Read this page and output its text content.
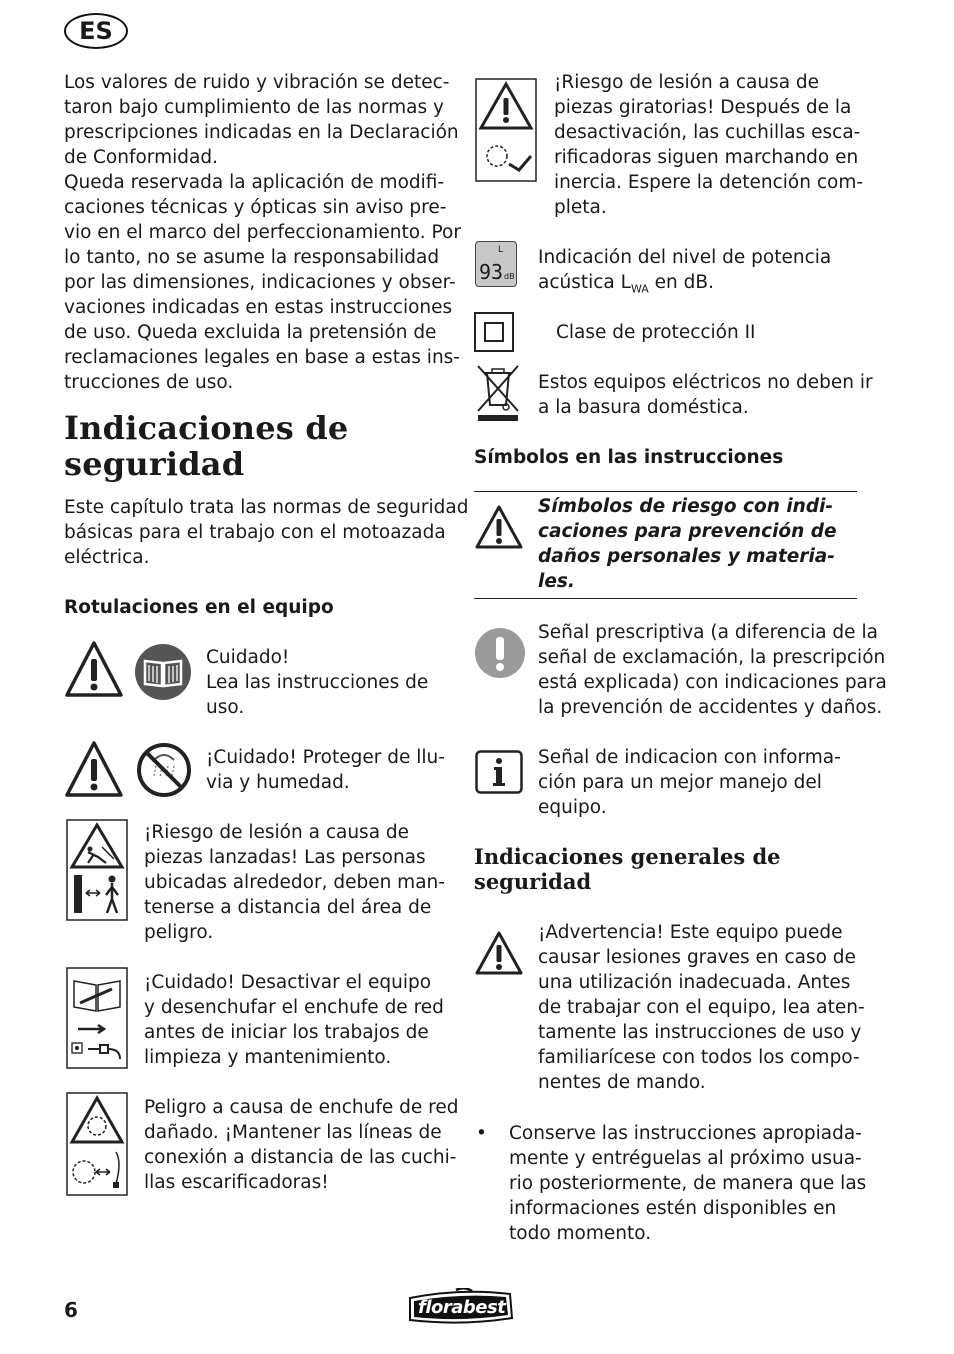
ES
Los valores de ruido y vibración se detec-
taron bajo cumplimiento de las normas y
prescripciones indicadas en la Declaración
de Conformidad.
Queda reservada la aplicación de modifi-
caciones técnicas y ópticas sin aviso pre-
vio en el marco del perfeccionamiento. Por
lo tanto, no se asume la responsabilidad
por las dimensiones, indicaciones y obser-
vaciones indicadas en estas instrucciones
de uso. Queda excluida la pretensión de
reclamaciones legales en base a estas ins-
trucciones de uso.
Indicaciones de
seguridad
Este capítulo trata las normas de seguridad
básicas para el trabajo con el motoazada
eléctrica.
Rotulaciones en el equipo
Cuidado!
Lea las instrucciones de
uso.
¡Cuidado! Proteger de llu-
via y humedad.
¡Riesgo de lesión a causa de
piezas lanzadas! Las personas
ubicadas alrededor, deben man-
tenerse a distancia del área de
peligro.
¡Cuidado! Desactivar el equipo
y desenchufar el enchufe de red
antes de iniciar los trabajos de
limpieza y mantenimiento.
Peligro a causa de enchufe de red
dañado. ¡Mantener las líneas de
conexión a distancia de las cuchi-
llas escarificadoras!
¡Riesgo de lesión a causa de
piezas giratorias! Después de la
desactivación, las cuchillas esca-
rificadoras siguen marchando en
inercia. Espere la detención com-
pleta.
L
93 dB
Indicación del nivel de potencia
acústica $L_{WA}$ en dB.
Clase de protección II
Estos equipos eléctricos no deben ir
a la basura doméstica.
Símbolos en las instrucciones
Símbolos de riesgo con indi-
caciones para prevención de
daños personales y materia-
les.
Señal prescriptiva (a diferencia de la
señal de exclamación, la prescripción
está explicada) con indicaciones para
la prevención de accidentes y daños.
Señal de indicacion con informa-
ción para un mejor manejo del
equipo.
Indicaciones generales de
seguridad
¡Advertencia! Este equipo puede
causar lesiones graves en caso de
una utilización inadecuada. Antes
de trabajar con el equipo, lea aten-
tamente las instrucciones de uso y
familiarícese con todos los compo-
nentes de mando.
• Conserve las instrucciones apropiada-
mente y entréguelas al próximo usua-
rio posteriormente, de manera que las
informaciones estén disponibles en
todo momento.
6	florabest
